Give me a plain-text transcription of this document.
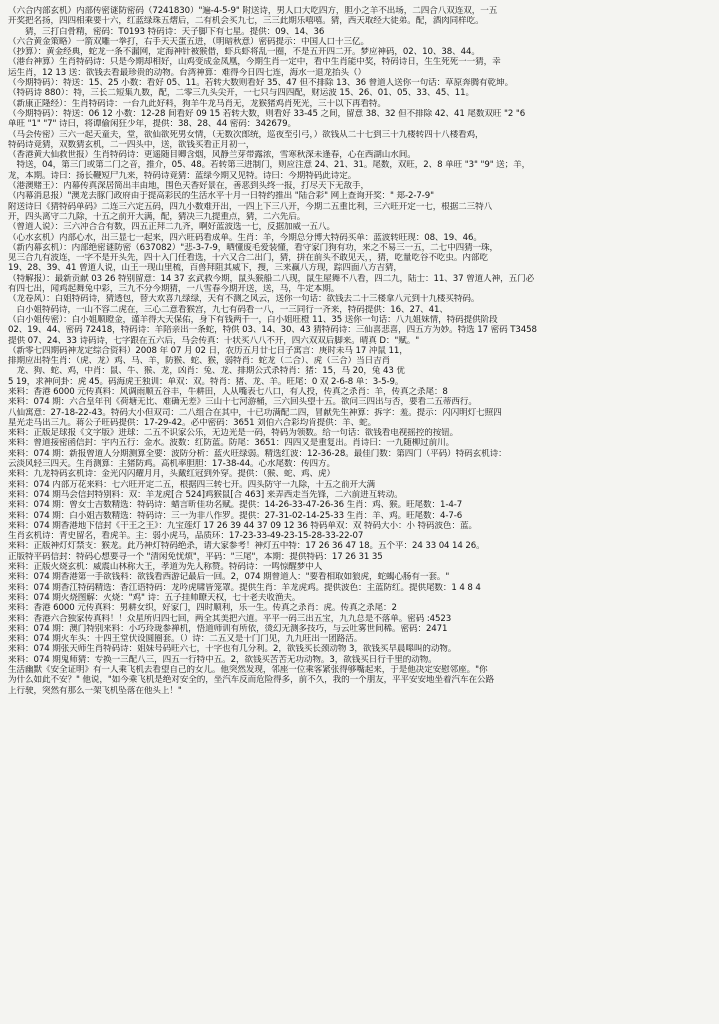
（六合内部玄机）内部传密谜防密码（7241830）"遍-4-5-9" 附送诗，男人口大吃四方，胆小之羊不出场，二四合八双连双，一五
开奖把名扬，四四相乘要十六，红蓝绿珠五熠后，二有机会买九七，三三此期乐嘻嘻。猜，西天取经大徒弟。配，酒肉同样吃。
　　猜，三打白骨精，密码：T0193 特码诗：天子脚下有七星。提供：09、14、36
（六合黄金策略）一箭双雕一拳打，右手天天蛋五进，（明暗秋意）密码提示：中国人口十三亿。
（抄算）：黄金经典，蛇龙一条不漏网，定海神针被猴借，虾兵虾将乱一圈，不是五开四二开。梦应神码，02、10、38、44。
（港台神算）生肖特码诗：只是今期却相好，山鸡变成金凤凰，今期生肖一定中，看中生肖能中奖，特码诗日，生生死死一一猜，幸
运生肖，12 13 送：欲钱去看最珍贵的动物。台湾神算：难得今日四七连，海水一退龙抬头（）
（今期特码）：特送：15、25 小数：看好 05、11。若转大数则看好 35、47 但不排除 13、36 曾道人送你一句话：草原奔腾有乾坤。
（特码诗 880）：特，三长二短集九数，配，二零三九头尖开，一七只与四四配，财运波 15、26、01、05、33、45、11。
（新康正隆经）：生肖特码诗：一台九此好料，狗羊牛龙马肖无，龙猴猪鸡肖死光，三十以下再看特。
（今期特码）：特送：06 12 小数：12-28 间看好 09 15 若转大数，则看好 33-45 之间，留意 38、32 但不排除 42、41 尾数双旺 "2 "6
单旺 "1" "7" 诗曰，将谭偷闲狂少年，提供：38、28、44 密码：342679。
（马会传密）三六一起天童夫，堂，欲仙欲死男女情，（无数次郎统，巡夜至引弓，）欲钱从二十七到三十九楼转四十八楼看鸡，
特码诗竟猜，双数猜玄机，二一四头中，送，欲钱买看正月初一，
（香港黄大仙救世报）生肖特码诗：更遥随目卿含烟，风静兰芽带露浓，雪寒秋深未逢春，心在西湖山水间。
　特送，04，第三门或第二门之音，推介，05、48。若转第三进制门，则应注意 24、21、31。尾数，双旺，2、8 单旺 "3" "9" 送；羊，
龙，本期。诗曰：扬长鞭短尸九来，特码诗竟猜：蓝绿今期又见特。诗曰：今期特码此诗定。
（港澳赌王）：内幕传真深居简出丰由地，围色天香好景在，善恶到头终一报，打尽天下无敌手，
（内幕消息报）"澳龙去豚门政府由于提高彩民的生活水平十月一日特约推出 "陆合彩" 网上查询开奖：" 郑-2-7-9"
附送诗曰《猜特码单码》二连三六定五码，四九小数难开出，一四上下三八开，今期二五重比利，三六旺开定一七，根据二三特八
开，四头离守二九除，十五之前开大满，配，猜决三九提重点，猜，二六先后。
（曾道人说）：三六冲合合有数，四五正拜二九齐，啊好蓝波选一七，反据加威一五八。
（心水玄机）内部心水，出三显七一起来，四六旺码看成单。生肖：羊，今期总分博大特码买单：蓝波转旺现：08、19、46。
（新内幕玄机）：内部绝密谜防密（637082）"悲-3-7-9，晒懂废毛爱装懂，看守家门狗有功，来之不易三一五，二七中四猜一珠，
见三合九有波连，一字不是开头先，四十入门任看选，十六又合二出门，猜，拼在前头不敢见天，，猜，吃量吃谷不吃虫。内部吃
19、28、39、41 曾道人说，山王一现山里梳，百兽拜阻其威下，搜，三来赢八方现，踪四面八方吉猜，
（特解报）：最新贡献 03 26 特别留意：14 37 玄武救今期，鼠头猴船二八现，鼠生屋舞不八看，四二九，陆士：11、37 曾道人神，五门必
有四七出，闻鸡起舞兔中彩，三九不分今期猜，一八雪春今期开送，送，马，牛定本期。
（龙卷风）：白姐特码诗，猜透包，替大欢喜九绿绿，天有不测之风云，送你一句话：欲钱去二十三楼拿八元到十九楼买特码。
　白小姐特码诗，一山不容二虎在，三心二意看猴宫，九七有码看一八，一三同行一齐来，特码提供：16、27、41、
（白小姐传密）：白小姐顺瞪金，谨羊得大天保佑，身下有钱两千一，白小姐旺橙 11、35 送你一句话：八九姐妹情，特码提供阶段
02、19、44、密码 72418，特码诗：羊陪亲出一条蛇，特供 03、14、30、43 猜特码诗：三仙喜悲喜，四五方为妙。特选 17 密码 T3458
提供 07、24、33 诗码诗，七字跟在五六后，马会传真：十状买八八不开，四六双双后脚来。晴真 D："赋。"
（新零七四期码神龙定综合资料）2008 年 07 月 02 日，农历五月廿七日子寓言：庚时未马 17 冲鼠 11，
排期应出特生肖：（虎、龙）鸡、马、羊，防猴、蛇、猴，弱特肖：蛇龙（二合）、虎（三合）当日吉肖
　龙、狗、蛇、鸡，中肖：鼠、牛、猴、龙，凶肖：兔、龙、排期公式杀特肖：猪：15，马 20，兔 43 优
5 19，求神问卦：虎 45。码海虎王独训：单双：双。特肖：猪、龙、羊。旺尾：0 双 2-6-8 单：3-5-9。
来料：香港 6000 元传真料：风调雨顺五谷丰，牛耕田，人从嘴表七八口，有人投，传真之杀肖：羊，传真之杀尾：8
来料：074 期：六合皇年刊《荷塘无比、难确无差》三山十七河游桶，三六回头望十五。欲问三四出与否，要看二五蒂西行。
八仙寓意：27-18-22-43。特码大小但双司：二八组合在其中，十已功满配二四，冒献先生神算：拆字：羞。提示：闪闪明灯七照四
星光走马出三九。蒋公子旺码提供：17-29-42。必中密码：3651 刘伯六合彩均肯提供：羊、蛇。
来料：正版足球报《文字版》进球：二五不识家公乐，无边光是一码，特码为领数。给一句话：欲钱看电视摇控的按钮。
来料：曾道接密函信封：宇内五行：金水。波数：红防蓝。防尾：3651：四四又是重复出。肖诗曰：一九随柳过前川。
来料：074 期：新报曾道人分期测算全要：波防分析：蓝火旺绿弱。精选红波：12-36-28。最佳门数：第四门（平码）特码玄机诗：
云淡风轻三四天。生肖测算：主猪防鸡。高机率胆胆：17-38-44。心水尾数：传四方。
来料：九龙特码玄机诗：金光闪闪耀月月，头戴红冠到外穿。提供：（猴、蛇、鸡、虎）
来料：074 内部万花来料：七六旺开定二五，根据四三转七开。四头防守一九除，十五之前开大满
来料：074 期马会信封特别料：双：羊龙虎[合 524]鸡猴鼠[合 463] 来弄西走当先锋，二六前进互转动。
来料：074 期：曾女士吉数精选：特码诗：蜡言昕佳功名赋。提供：14-26-33-47-26-36 生肖：鸡、猴。旺尾数：1-4-7
来料：074 期：白小姐吉数精选：特码诗：三一为非八作罗。提供：27-31-02-14-25-33 生肖：羊、鸡。旺尾数：4-7-6
来料：074 期香港地下信封《干王之王》：九宝莲灯 17 26 39 44 37 09 12 36 特码单双：双 特码大小：小 特码波色：蓝。
生肖玄机诗：青史留名，看虎羊。主：弱小虎马，品质环：17-23-33-49-23-15-28-33-22-07
来料：正版神灯灯禁支：猴龙。此乃神灯特码绝杀，请大家参考！神灯五中特：17 26 36 47 18。五个平：24 33 04 14 26。
正版特平码信封：特码心想要寻一个 "清闲免忧烦"，平码："三尾"，本期：提供特码：17 26 31 35
来料：正版火烧玄机：威震山林称大王，孝道为先人称赞。特码诗：一鸣惊醒梦中人
来料：074 期香港第一手欲钱料：欲钱看西游记最后一回。2，074 期曾道人："要看相取如狼虎，蛇蝎心肠有一套。"
来料：074 期香江特码精选：香江语特码：龙吟虎啸皆笼罩。提供生肖：羊龙虎鸡。提供波色：主蓝防红。提供尾数：1 4 8 4
来料：074 期火烧图解：火烧："鸡" 诗：五子挂帅瞭天权，七十老夫收渔夫。
来料：香港 6000 元传真料：男耕女织，好家门，四时顺利，乐一生。传真之杀肖：虎。传真之杀尾：2
来料：香港六合独家传真料！！众星所归四七回，两全其美把六道。平平一码三出五宝，九九总是不落单。密码 :4523
来料：074 期：澳门特别来料：小巧玲珑参禅机，悟道师训有所依，烫幻无测多技巧，与云吐雾世间稀。密码：2471
来料：074 期火车头：十四王堂伏设圆圈套。（）诗：二五又是十门门见，九九旺出一团路活。
来料：074 期张天师生肖特码诗：姐妹号码旺六七，十字也有几分利。2，欲钱买长颈动物 3，欲钱买早晨嗥叫的动物。
来料：074 期鬼师猜：专换一三配八三，四五一行特中五。2，欲钱买苦苦无功动物。3，欲钱买日行千里的动物。
生活幽默《安全证明》有一人乘飞机去看望自己的女儿。他突然发现，邻座一位乘客紧张得够嘴起来，于是他决定安慰邻座。"你
为什么如此不安？" 他说，"如今乘飞机是绝对安全的，坐汽车反而危险得多，前不久，我的一个朋友，平平安安地坐着汽车在公路
上行驶，突然有那么一架飞机坠落在他头上！"
